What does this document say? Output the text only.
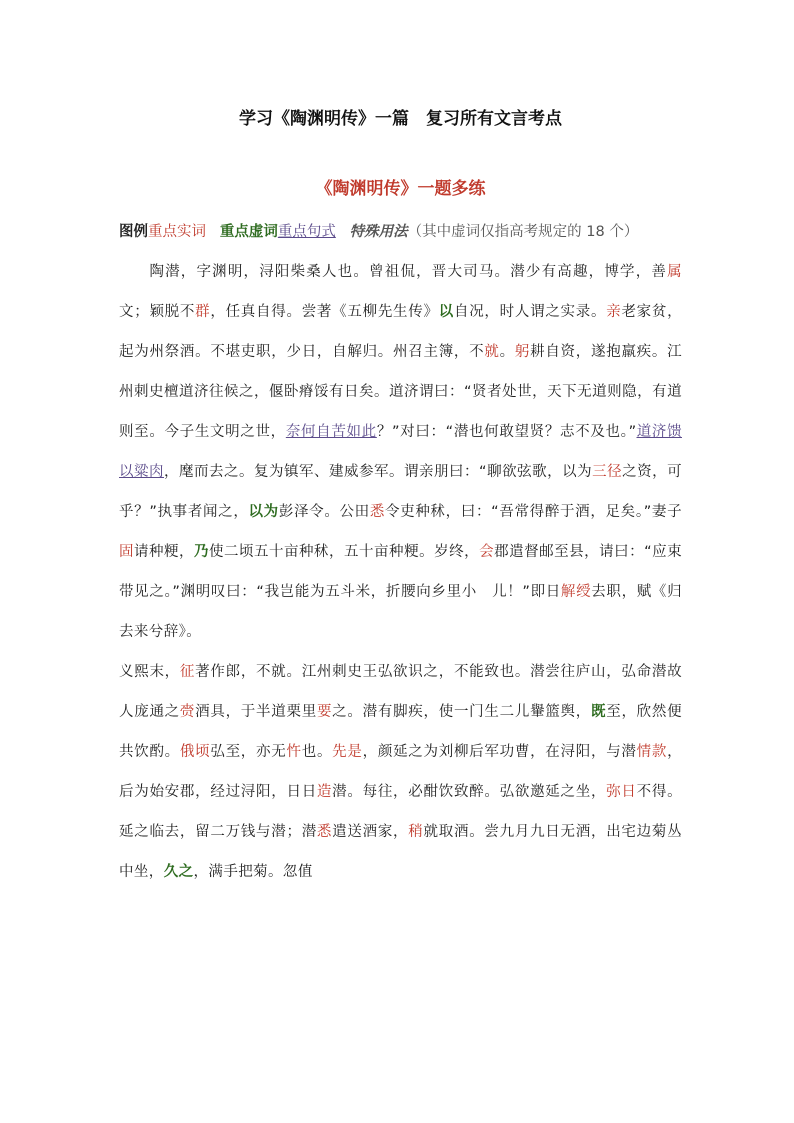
学习《陶渊明传》一篇　复习所有文言考点
《陶渊明传》一题多练
图例重点实词 重点虚词重点句式 特殊用法（其中虚词仅指高考规定的 18 个）

陶潜，字渊明，浔阳柴桑人也。曾祖侃，晋大司马。潜少有高趣，博学，善属文；颖脱不群，任真自得。尝著《五柳先生传》以自况，时人谓之实录。亲老家贫，起为州祭酒。不堪吏职，少日，自解归。州召主簿，不就。躬耕自资，遂抱羸疾。江州刺史檀道济往候之，偃卧瘠馁有日矣。道济谓曰：“贤者处世，天下无道则隐，有道则至。今子生文明之世，奈何自苦如此？”对曰：“潜也何敢望贤？志不及也。”道济馈以粱肉，麾而去之。复为镇军、建威参军。谓亲朋曰：“聊欲弦歌，以为三径之资，可乎？”执事者闻之，以为彭泽令。公田悉令吏种秫，曰：“吾常得醉于酒，足矣。”妻子固请种粳，乃使二顷五十亩种秫，五十亩种粳。岁终，会郡遣督邮至县，请曰：“应束带见之。”渊明叹曰：“我岂能为五斗米，折腰向乡里小　儿！”即日解绶去职，赋《归去来兮辞》。

义熙末，征著作郎，不就。江州刺史王弘欲识之，不能致也。潜尝往庐山，弘命潜故人庞通之赍酒具，于半道栗里要之。潜有脚疾，使一门生二儿轝篮舆，既至，欣然便共饮酌。俄顷弘至，亦无忤也。先是，颜延之为刘柳后军功曹，在浔阳，与潜情款，后为始安郡，经过浔阳，日日造潜。每往，必酣饮致醉。弘欲邀延之坐，弥日不得。延之临去，留二万钱与潜；潜悉遣送酒家，稍就取酒。尝九月九日无酒，出宅边菊丛中坐，久之，满手把菊。忽值
